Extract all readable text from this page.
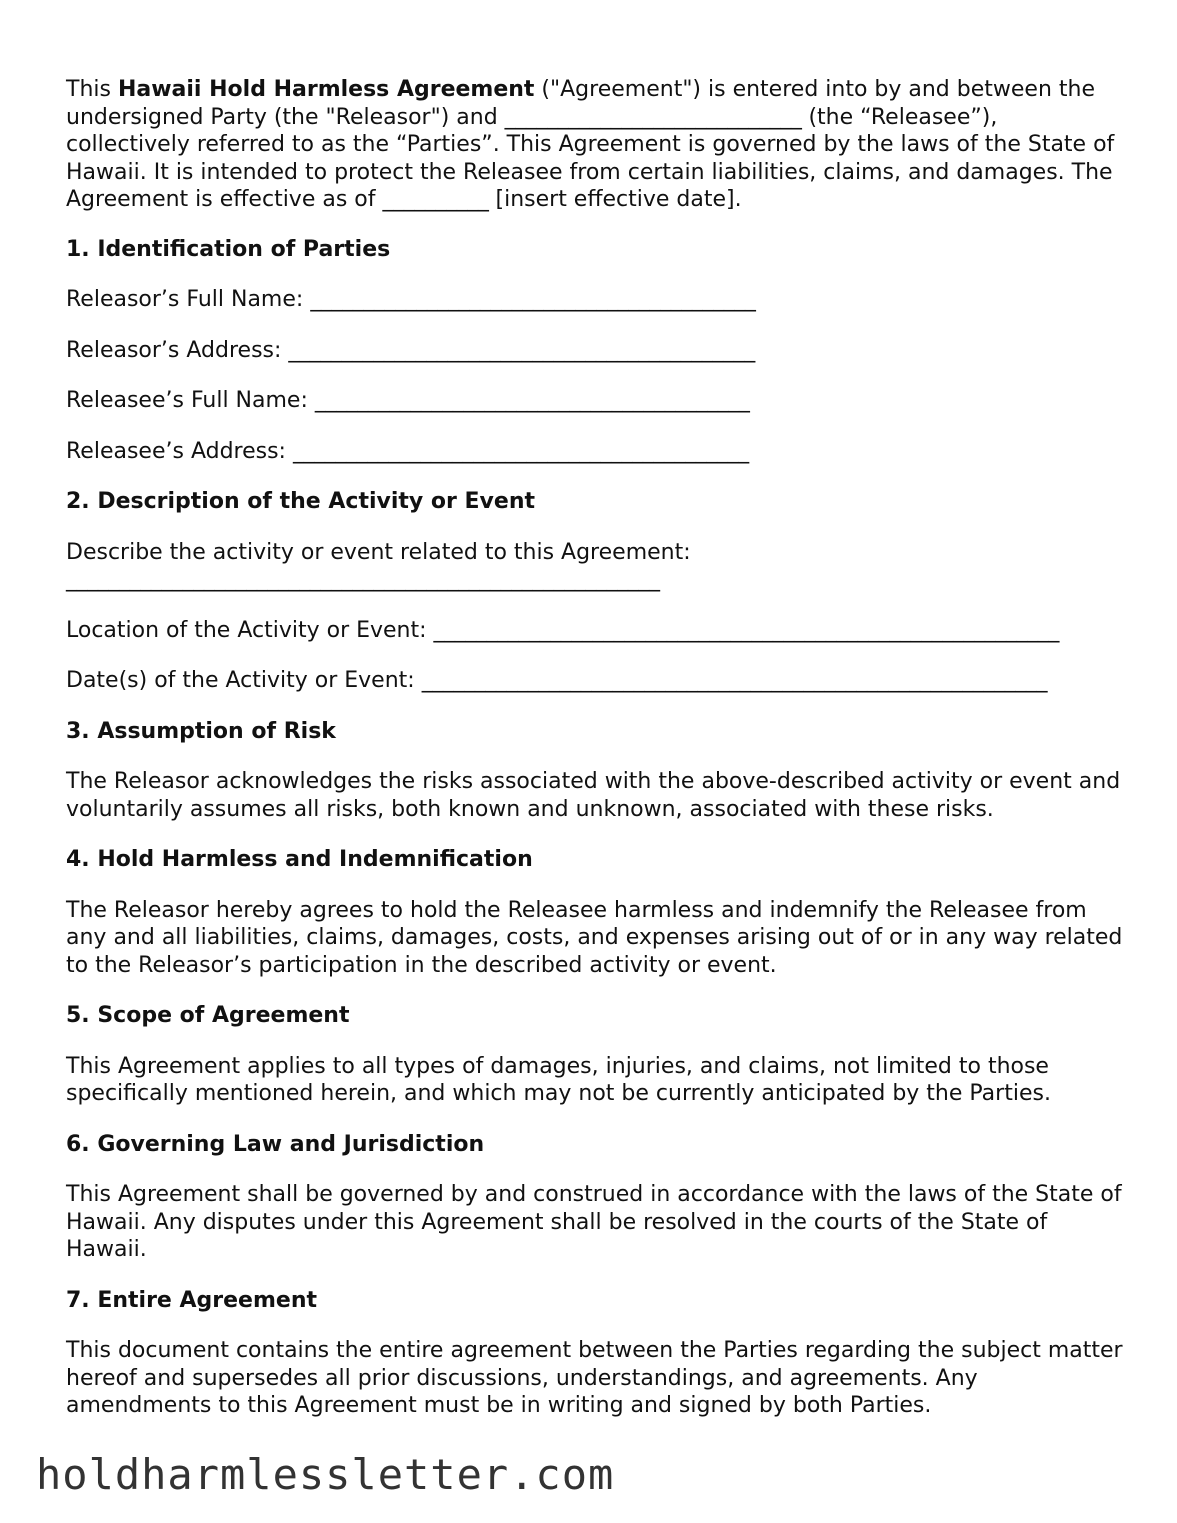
This Hawaii Hold Harmless Agreement ("Agreement") is entered into by and between the undersigned Party (the "Releasor") and ____________________________ (the “Releasee”), collectively referred to as the “Parties”. This Agreement is governed by the laws of the State of Hawaii. It is intended to protect the Releasee from certain liabilities, claims, and damages. The Agreement is effective as of __________ [insert effective date].

1. Identification of Parties

Releasor’s Full Name: __________________________________________

Releasor’s Address: ____________________________________________

Releasee’s Full Name: _________________________________________

Releasee’s Address: ___________________________________________

2. Description of the Activity or Event

Describe the activity or event related to this Agreement:
________________________________________________________

Location of the Activity or Event: ___________________________________________________________

Date(s) of the Activity or Event: ___________________________________________________________

3. Assumption of Risk

The Releasor acknowledges the risks associated with the above-described activity or event and voluntarily assumes all risks, both known and unknown, associated with these risks.

4. Hold Harmless and Indemnification

The Releasor hereby agrees to hold the Releasee harmless and indemnify the Releasee from any and all liabilities, claims, damages, costs, and expenses arising out of or in any way related to the Releasor’s participation in the described activity or event.

5. Scope of Agreement

This Agreement applies to all types of damages, injuries, and claims, not limited to those specifically mentioned herein, and which may not be currently anticipated by the Parties.

6. Governing Law and Jurisdiction

This Agreement shall be governed by and construed in accordance with the laws of the State of Hawaii. Any disputes under this Agreement shall be resolved in the courts of the State of Hawaii.

7. Entire Agreement

This document contains the entire agreement between the Parties regarding the subject matter hereof and supersedes all prior discussions, understandings, and agreements. Any amendments to this Agreement must be in writing and signed by both Parties.

holdharmlessletter.com
